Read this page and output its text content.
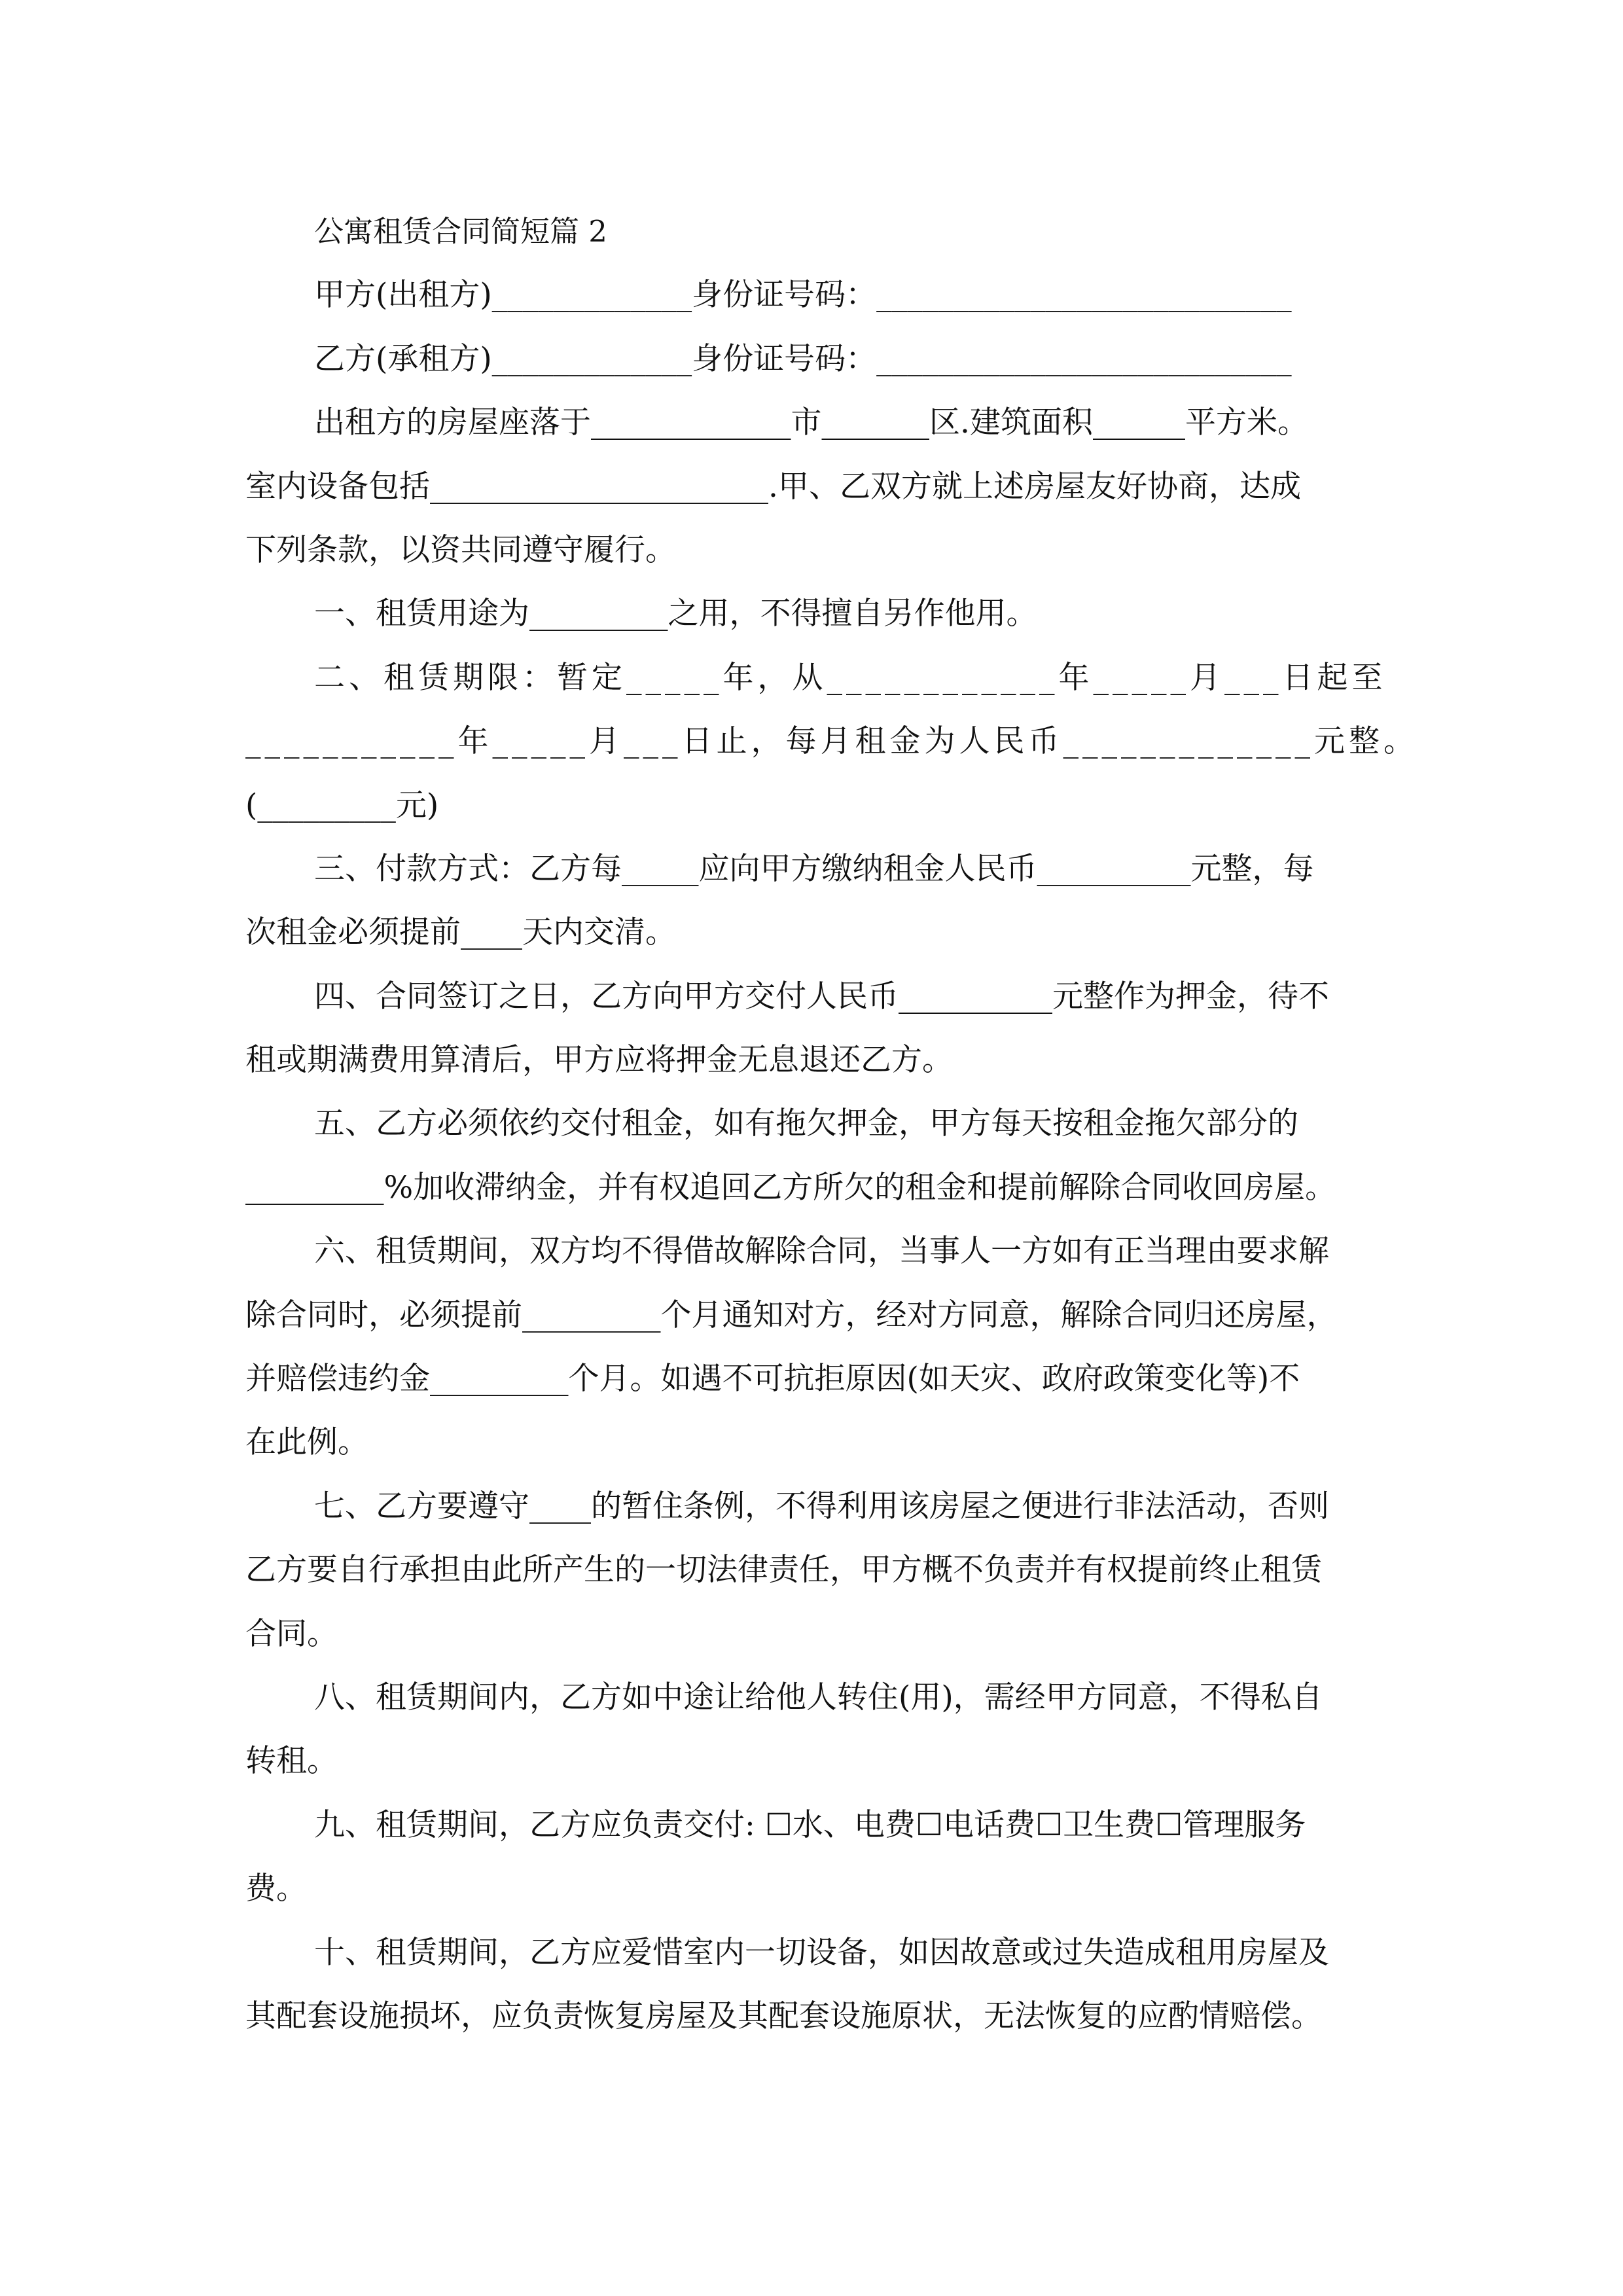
公寓租赁合同简短篇 2
甲方(出租方)_____________身份证号码：___________________________
乙方(承租方)_____________身份证号码：___________________________
出租方的房屋座落于_____________市_______区.建筑面积______平方米。
室内设备包括______________________.甲、乙双方就上述房屋友好协商，达成
下列条款，以资共同遵守履行。
一、租赁用途为_________之用，不得擅自另作他用。
二、租赁期限：暂定_____年，从____________年_____月___日起至
___________年_____月___日止，每月租金为人民币_____________元整。
(_________元)
三、付款方式：乙方每_____应向甲方缴纳租金人民币__________元整，每
次租金必须提前____天内交清。
四、合同签订之日，乙方向甲方交付人民币__________元整作为押金，待不
租或期满费用算清后，甲方应将押金无息退还乙方。
五、乙方必须依约交付租金，如有拖欠押金，甲方每天按租金拖欠部分的
_________%加收滞纳金，并有权追回乙方所欠的租金和提前解除合同收回房屋。
六、租赁期间，双方均不得借故解除合同，当事人一方如有正当理由要求解
除合同时，必须提前_________个月通知对方，经对方同意，解除合同归还房屋，
并赔偿违约金_________个月。如遇不可抗拒原因(如天灾、政府政策变化等)不
在此例。
七、乙方要遵守____的暂住条例，不得利用该房屋之便进行非法活动，否则
乙方要自行承担由此所产生的一切法律责任，甲方概不负责并有权提前终止租赁
合同。
八、租赁期间内，乙方如中途让给他人转住(用)，需经甲方同意，不得私自
转租。
九、租赁期间，乙方应负责交付: ☐水、电费☐电话费☐卫生费☐管理服务
费。
十、租赁期间，乙方应爱惜室内一切设备，如因故意或过失造成租用房屋及
其配套设施损坏，应负责恢复房屋及其配套设施原状，无法恢复的应酌情赔偿。
